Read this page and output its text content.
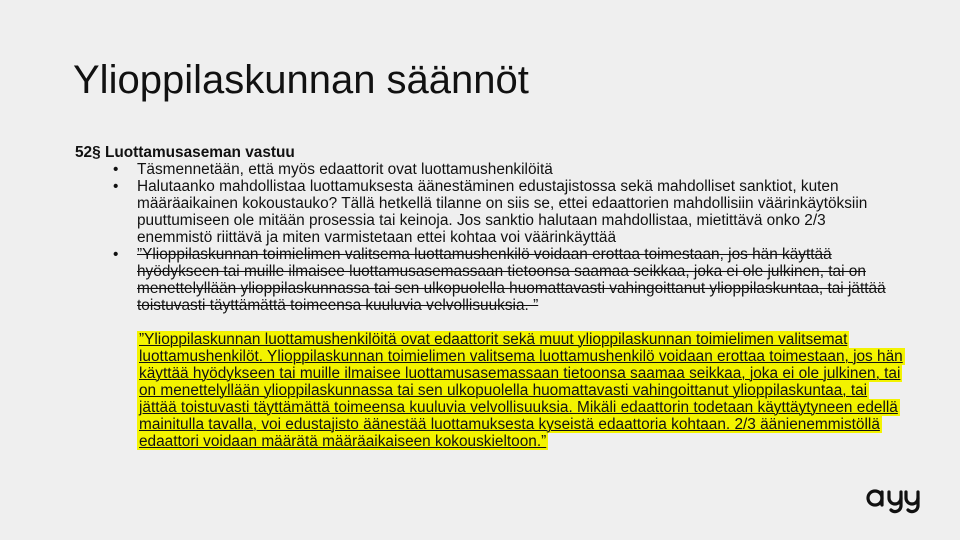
Ylioppilaskunnan säännöt
52§ Luottamusaseman vastuu
• Täsmennetään, että myös edaattorit ovat luottamushenkilöitä
• Halutaanko mahdollistaa luottamuksesta äänestäminen edustajistossa sekä mahdolliset sanktiot, kuten määräaikainen kokoustauko? Tällä hetkellä tilanne on siis se, ettei edaattorien mahdollisiin väärinkäytöksiin puuttumiseen ole mitään prosessia tai keinoja. Jos sanktio halutaan mahdollistaa, mietittävä onko 2/3 enemmistö riittävä ja miten varmistetaan ettei kohtaa voi väärinkäyttää
• ”Ylioppilaskunnan toimielimen valitsema luottamushenkilö voidaan erottaa toimestaan, jos hän käyttää hyödykseen tai muille ilmaisee luottamusasemassaan tietoonsa saamaa seikkaa, joka ei ole julkinen, tai on menettelyllään ylioppilaskunnassa tai sen ulkopuolella huomattavasti vahingoittanut ylioppilaskuntaa, tai jättää toistuvasti täyttämättä toimeensa kuuluvia velvollisuuksia. ”
”Ylioppilaskunnan luottamushenkilöitä ovat edaattorit sekä muut ylioppilaskunnan toimielimen valitsemat luottamushenkilöt. Ylioppilaskunnan toimielimen valitsema luottamushenkilö voidaan erottaa toimestaan, jos hän käyttää hyödykseen tai muille ilmaisee luottamusasemassaan tietoonsa saamaa seikkaa, joka ei ole julkinen, tai on menettelyllään ylioppilaskunnassa tai sen ulkopuolella huomattavasti vahingoittanut ylioppilaskuntaa, tai jättää toistuvasti täyttämättä toimeensa kuuluvia velvollisuuksia. Mikäli edaattorin todetaan käyttäytyneen edellä mainitulla tavalla, voi edustajisto äänestää luottamuksesta kyseistä edaattoria kohtaan. 2/3 äänienemmistöllä edaattori voidaan määrätä määräaikaiseen kokouskieltoon.”
